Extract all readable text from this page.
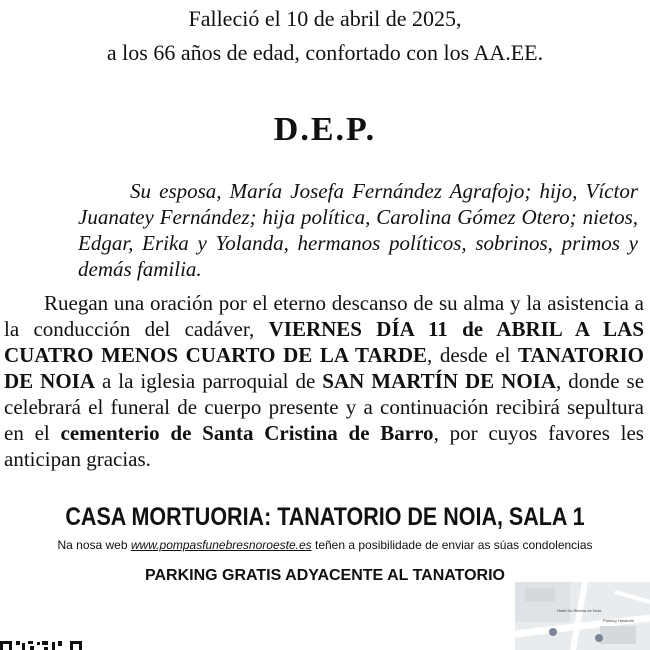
Falleció el 10 de abril de 2025,
a los 66 años de edad, confortado con los AA.EE.
D.E.P.
Su esposa, María Josefa Fernández Agrafojo; hijo, Víctor Juanatey Fernández; hija política, Carolina Gómez Otero; nietos, Edgar, Erika y Yolanda, hermanos políticos, sobrinos, primos y demás familia.
Ruegan una oración por el eterno descanso de su alma y la asistencia a la conducción del cadáver, VIERNES DÍA 11 de ABRIL A LAS CUATRO MENOS CUARTO DE LA TARDE, desde el TANATORIO DE NOIA a la iglesia parroquial de SAN MARTÍN DE NOIA, donde se celebrará el funeral de cuerpo presente y a continuación recibirá sepultura en el cementerio de Santa Cristina de Barro, por cuyos favores les anticipan gracias.
CASA MORTUORIA: TANATORIO DE NOIA, SALA 1
Na nosa web www.pompasfunebresnoroeste.es teñen a posibilidade de enviar as súas condolencias
PARKING GRATIS ADYACENTE AL TANATORIO
Hotel Ds Ribeira de Noia
Parking Tanatorio
